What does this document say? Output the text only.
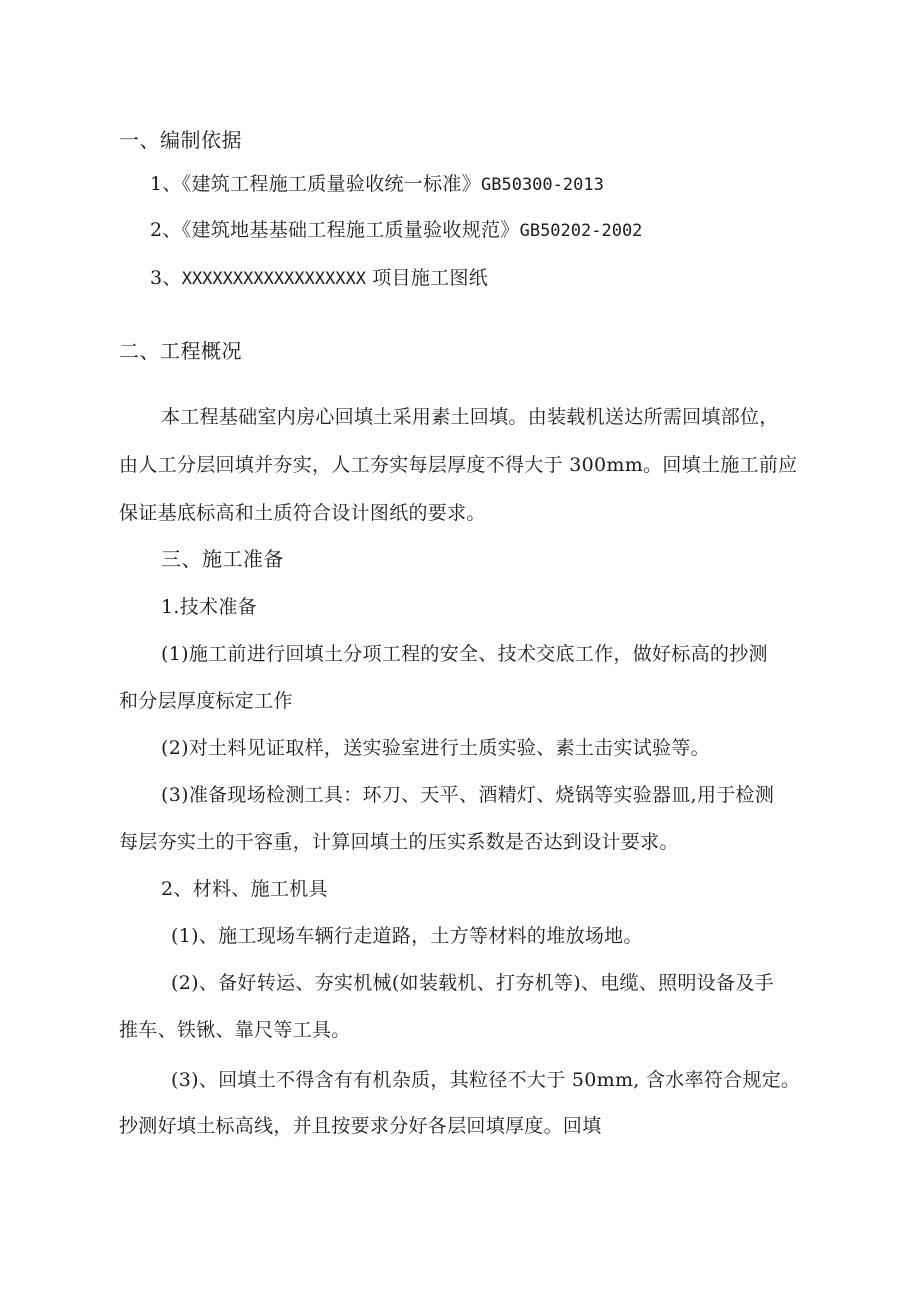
一、编制依据
1、《建筑工程施工质量验收统一标准》GB50300-2013
2、《建筑地基基础工程施工质量验收规范》GB50202-2002
3、XXXXXXXXXXXXXXXXXX 项目施工图纸
二、工程概况
本工程基础室内房心回填土采用素土回填。由装载机送达所需回填部位，
由人工分层回填并夯实，人工夯实每层厚度不得大于 300mm。回填土施工前应
保证基底标高和土质符合设计图纸的要求。
三、施工准备
1.技术准备
(1)施工前进行回填土分项工程的安全、技术交底工作，做好标高的抄测
和分层厚度标定工作
(2)对土料见证取样，送实验室进行土质实验、素土击实试验等。
(3)准备现场检测工具：环刀、天平、酒精灯、烧锅等实验器皿,用于检测
每层夯实土的干容重，计算回填土的压实系数是否达到设计要求。
2、材料、施工机具
(1)、施工现场车辆行走道路，土方等材料的堆放场地。
(2)、备好转运、夯实机械(如装载机、打夯机等)、电缆、照明设备及手
推车、铁锹、靠尺等工具。
(3)、回填土不得含有有机杂质，其粒径不大于 50mm, 含水率符合规定。
抄测好填土标高线，并且按要求分好各层回填厚度。回填
